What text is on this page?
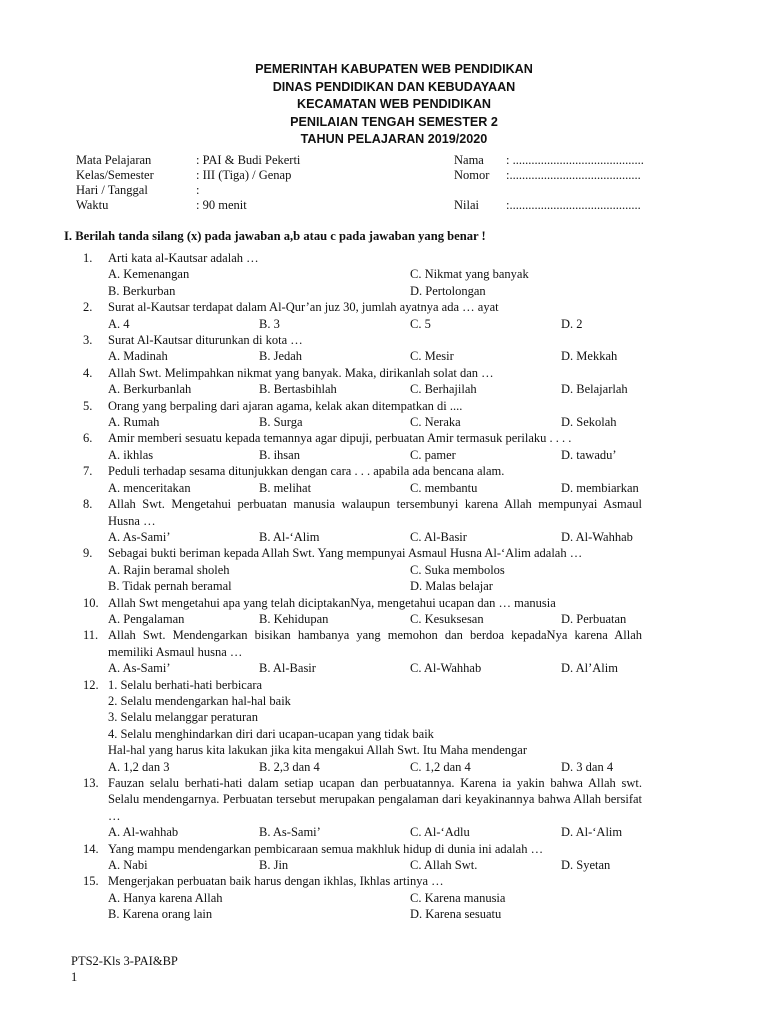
PEMERINTAH KABUPATEN WEB PENDIDIKAN
DINAS PENDIDIKAN DAN KEBUDAYAAN
KECAMATAN WEB PENDIDIKAN
PENILAIAN TENGAH SEMESTER 2
TAHUN PELAJARAN 2019/2020
Mata Pelajaran	: PAI & Budi Pekerti	Nama : ..........................................
Kelas/Semester	: III (Tiga) / Genap	Nomor :..........................................
Hari / Tanggal	:
Waktu	: 90 menit	Nilai :..........................................
I. Berilah tanda silang (x) pada jawaban a,b atau c pada jawaban yang benar !
1. Arti kata al-Kautsar adalah …
A. Kemenangan	C. Nikmat yang banyak
B. Berkurban	D. Pertolongan
2. Surat al-Kautsar terdapat dalam Al-Qur’an juz 30, jumlah ayatnya ada … ayat
A. 4	B. 3	C. 5	D. 2
3. Surat Al-Kautsar diturunkan di kota …
A. Madinah	B. Jedah	C. Mesir	D. Mekkah
4. Allah Swt. Melimpahkan nikmat yang banyak. Maka, dirikanlah solat dan …
A. Berkurbanlah	B. Bertasbihlah	C. Berhajilah	D. Belajarlah
5. Orang yang berpaling dari ajaran agama, kelak akan ditempatkan di ....
A. Rumah	B. Surga	C. Neraka	D. Sekolah
6. Amir memberi sesuatu kepada temannya agar dipuji, perbuatan Amir termasuk perilaku . . . .
A. ikhlas	B. ihsan	C. pamer	D. tawadu’
7. Peduli terhadap sesama ditunjukkan dengan cara . . . apabila ada bencana alam.
A. menceritakan	B. melihat	C. membantu	D. membiarkan
8. Allah Swt. Mengetahui perbuatan manusia walaupun tersembunyi karena Allah mempunyai Asmaul Husna …
A. As-Sami’	B. Al-‘Alim	C. Al-Basir	D. Al-Wahhab
9. Sebagai bukti beriman kepada Allah Swt. Yang mempunyai Asmaul Husna Al-‘Alim adalah …
A. Rajin beramal sholeh	C. Suka membolos
B. Tidak pernah beramal	D. Malas belajar
10. Allah Swt mengetahui apa yang telah diciptakanNya, mengetahui ucapan dan … manusia
A. Pengalaman	B. Kehidupan	C. Kesuksesan	D. Perbuatan
11. Allah Swt. Mendengarkan bisikan hambanya yang memohon dan berdoa kepadaNya karena Allah memiliki Asmaul husna …
A. As-Sami’	B. Al-Basir	C. Al-Wahhab	D. Al’Alim
12. 1. Selalu berhati-hati berbicara
2. Selalu mendengarkan hal-hal baik
3. Selalu melanggar peraturan
4. Selalu menghindarkan diri dari ucapan-ucapan yang tidak baik
Hal-hal yang harus kita lakukan jika kita mengakui Allah Swt. Itu Maha mendengar
A. 1,2 dan 3	B. 2,3 dan 4	C. 1,2 dan 4	D. 3 dan 4
13. Fauzan selalu berhati-hati dalam setiap ucapan dan perbuatannya. Karena ia yakin bahwa Allah swt. Selalu mendengarnya. Perbuatan tersebut merupakan pengalaman dari keyakinannya bahwa Allah bersifat …
A. Al-wahhab	B. As-Sami’	C. Al-‘Adlu	D. Al-‘Alim
14. Yang mampu mendengarkan pembicaraan semua makhluk hidup di dunia ini adalah …
A. Nabi	B. Jin	C. Allah Swt.	D. Syetan
15. Mengerjakan perbuatan baik harus dengan ikhlas, Ikhlas artinya …
A. Hanya karena Allah	C. Karena manusia
B. Karena orang lain	D. Karena sesuatu
PTS2-Kls 3-PAI&BP
1
